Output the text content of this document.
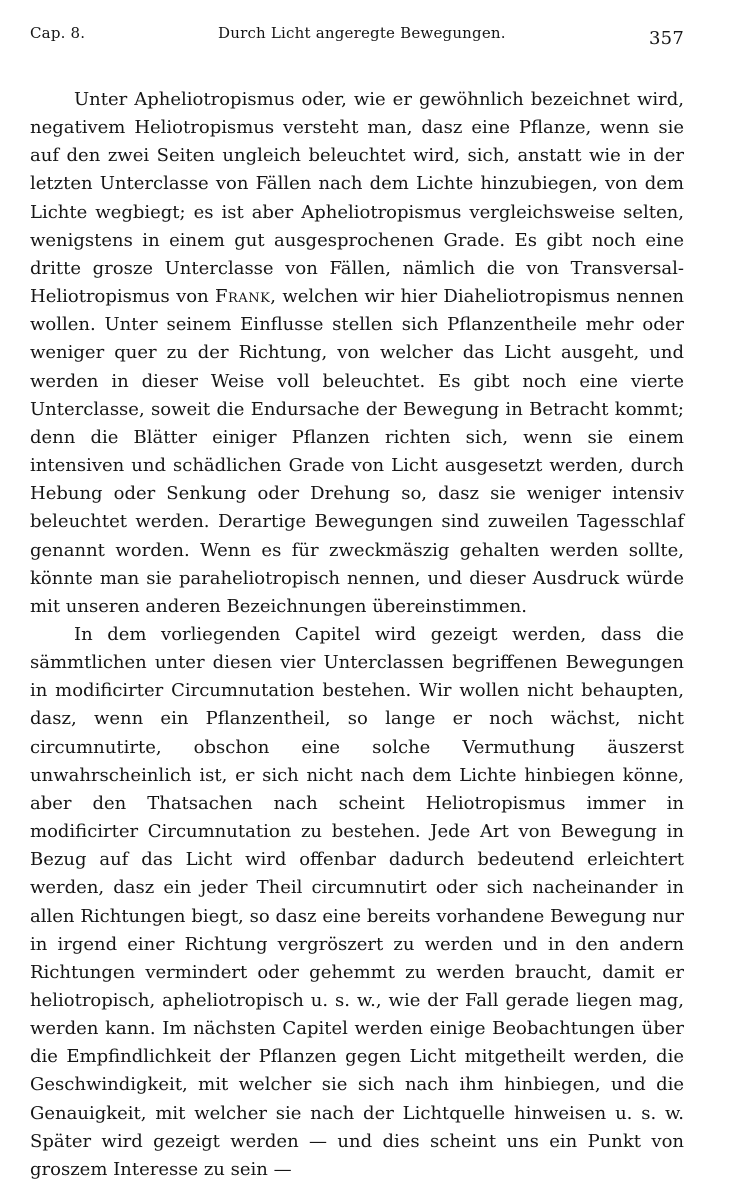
Cap. 8.	Durch Licht angeregte Bewegungen.	357

Unter Apheliotropismus oder, wie er gewöhnlich bezeichnet wird, negativem Heliotropismus versteht man, dasz eine Pflanze, wenn sie auf den zwei Seiten ungleich beleuchtet wird, sich, anstatt wie in der letzten Unterclasse von Fällen nach dem Lichte hinzubiegen, von dem Lichte wegbiegt; es ist aber Apheliotropismus vergleichsweise selten, wenigstens in einem gut ausgesprochenen Grade. Es gibt noch eine dritte grosze Unterclasse von Fällen, nämlich die von Transversal-Heliotropismus von Frank, welchen wir hier Diaheliotropismus nennen wollen. Unter seinem Einflusse stellen sich Pflanzentheile mehr oder weniger quer zu der Richtung, von welcher das Licht ausgeht, und werden in dieser Weise voll beleuchtet. Es gibt noch eine vierte Unterclasse, soweit die Endursache der Bewegung in Betracht kommt; denn die Blätter einiger Pflanzen richten sich, wenn sie einem intensiven und schädlichen Grade von Licht ausgesetzt werden, durch Hebung oder Senkung oder Drehung so, dasz sie weniger intensiv beleuchtet werden. Derartige Bewegungen sind zuweilen Tagesschlaf genannt worden. Wenn es für zweckmäszig gehalten werden sollte, könnte man sie paraheliotropisch nennen, und dieser Ausdruck würde mit unseren anderen Bezeichnungen übereinstimmen.

In dem vorliegenden Capitel wird gezeigt werden, dass die sämmtlichen unter diesen vier Unterclassen begriffenen Bewegungen in modificirter Circumnutation bestehen. Wir wollen nicht behaupten, dasz, wenn ein Pflanzentheil, so lange er noch wächst, nicht circumnutirte, obschon eine solche Vermuthung äuszerst unwahrscheinlich ist, er sich nicht nach dem Lichte hinbiegen könne, aber den Thatsachen nach scheint Heliotropismus immer in modificirter Circumnutation zu bestehen. Jede Art von Bewegung in Bezug auf das Licht wird offenbar dadurch bedeutend erleichtert werden, dasz ein jeder Theil circumnutirt oder sich nacheinander in allen Richtungen biegt, so dasz eine bereits vorhandene Bewegung nur in irgend einer Richtung vergröszert zu werden und in den andern Richtungen vermindert oder gehemmt zu werden braucht, damit er heliotropisch, apheliotropisch u. s. w., wie der Fall gerade liegen mag, werden kann. Im nächsten Capitel werden einige Beobachtungen über die Empfindlichkeit der Pflanzen gegen Licht mitgetheilt werden, die Geschwindigkeit, mit welcher sie sich nach ihm hinbiegen, und die Genauigkeit, mit welcher sie nach der Lichtquelle hinweisen u. s. w. Später wird gezeigt werden — und dies scheint uns ein Punkt von groszem Interesse zu sein —
